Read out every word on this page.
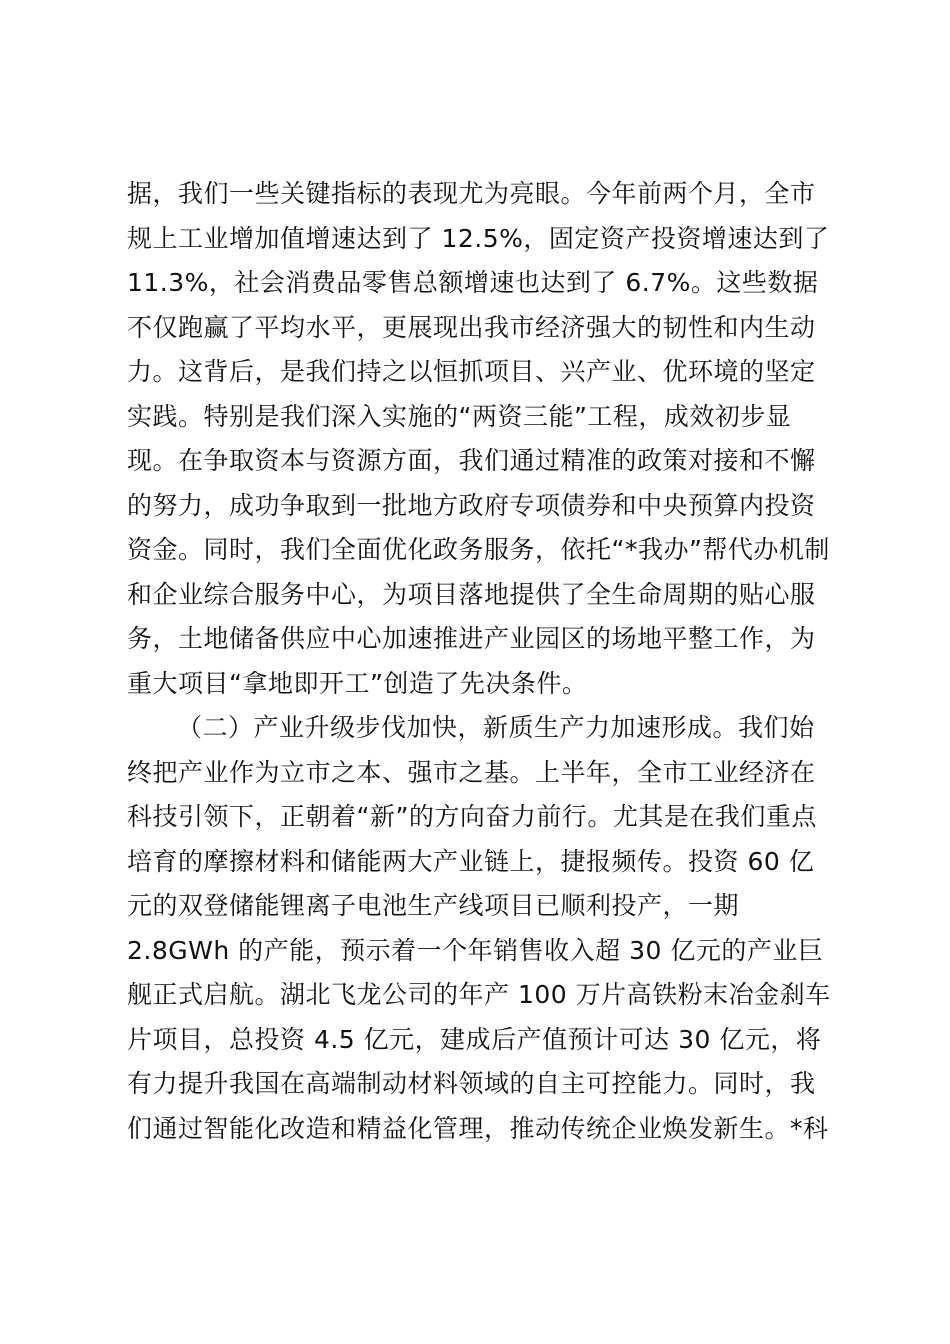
据，我们一些关键指标的表现尤为亮眼。今年前两个月，全市
规上工业增加值增速达到了 12.5%，固定资产投资增速达到了
11.3%，社会消费品零售总额增速也达到了 6.7%。这些数据
不仅跑赢了平均水平，更展现出我市经济强大的韧性和内生动
力。这背后，是我们持之以恒抓项目、兴产业、优环境的坚定
实践。特别是我们深入实施的“两资三能”工程，成效初步显
现。在争取资本与资源方面，我们通过精准的政策对接和不懈
的努力，成功争取到一批地方政府专项债券和中央预算内投资
资金。同时，我们全面优化政务服务，依托“*我办”帮代办机制
和企业综合服务中心，为项目落地提供了全生命周期的贴心服
务，土地储备供应中心加速推进产业园区的场地平整工作，为
重大项目“拿地即开工”创造了先决条件。
（二）产业升级步伐加快，新质生产力加速形成。我们始
终把产业作为立市之本、强市之基。上半年，全市工业经济在
科技引领下，正朝着“新”的方向奋力前行。尤其是在我们重点
培育的摩擦材料和储能两大产业链上，捷报频传。投资 60 亿
元的双登储能锂离子电池生产线项目已顺利投产，一期
2.8GWh 的产能，预示着一个年销售收入超 30 亿元的产业巨
舰正式启航。湖北飞龙公司的年产 100 万片高铁粉末冶金刹车
片项目，总投资 4.5 亿元，建成后产值预计可达 30 亿元，将
有力提升我国在高端制动材料领域的自主可控能力。同时，我
们通过智能化改造和精益化管理，推动传统企业焕发新生。*科
